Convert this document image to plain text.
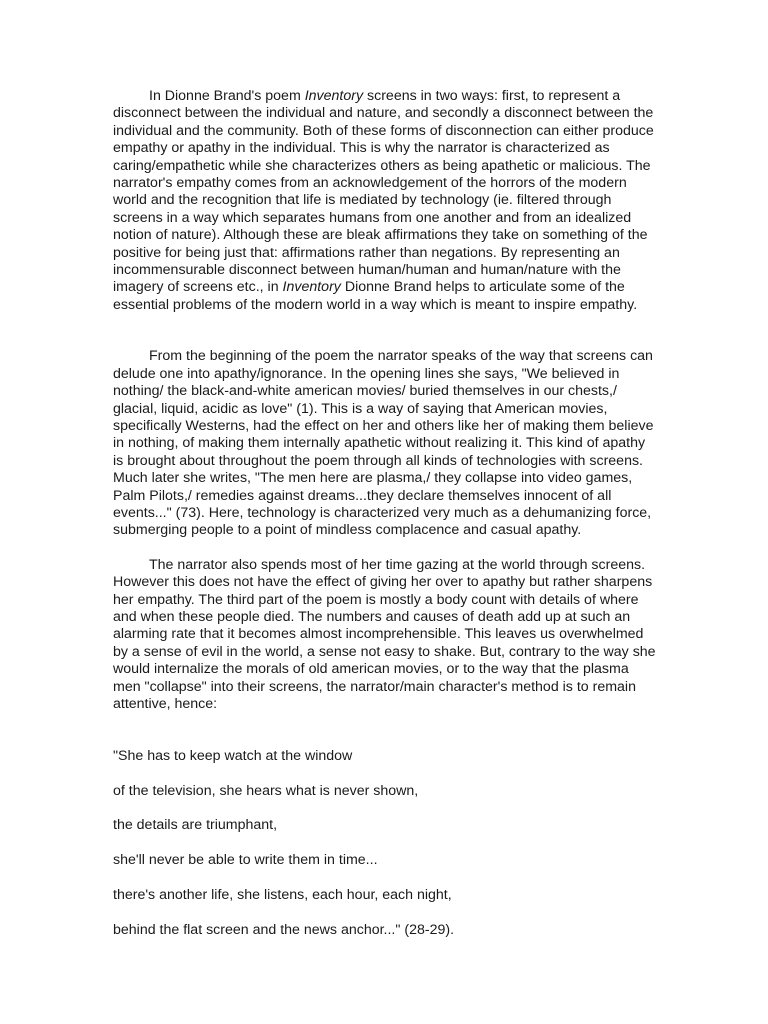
In Dionne Brand's poem Inventory screens in two ways: first, to represent a disconnect between the individual and nature, and secondly a disconnect between the individual and the community. Both of these forms of disconnection can either produce empathy or apathy in the individual. This is why the narrator is characterized as caring/empathetic while she characterizes others as being apathetic or malicious. The narrator's empathy comes from an acknowledgement of the horrors of the modern world and the recognition that life is mediated by technology (ie. filtered through screens in a way which separates humans from one another and from an idealized notion of nature). Although these are bleak affirmations they take on something of the positive for being just that: affirmations rather than negations. By representing an incommensurable disconnect between human/human and human/nature with the imagery of screens etc., in Inventory Dionne Brand helps to articulate some of the essential problems of the modern world in a way which is meant to inspire empathy.

From the beginning of the poem the narrator speaks of the way that screens can delude one into apathy/ignorance. In the opening lines she says, "We believed in nothing/ the black-and-white american movies/ buried themselves in our chests,/ glacial, liquid, acidic as love" (1). This is a way of saying that American movies, specifically Westerns, had the effect on her and others like her of making them believe in nothing, of making them internally apathetic without realizing it. This kind of apathy is brought about throughout the poem through all kinds of technologies with screens. Much later she writes, "The men here are plasma,/ they collapse into video games, Palm Pilots,/ remedies against dreams...they declare themselves innocent of all events..." (73). Here, technology is characterized very much as a dehumanizing force, submerging people to a point of mindless complacence and casual apathy.

The narrator also spends most of her time gazing at the world through screens. However this does not have the effect of giving her over to apathy but rather sharpens her empathy. The third part of the poem is mostly a body count with details of where and when these people died. The numbers and causes of death add up at such an alarming rate that it becomes almost incomprehensible. This leaves us overwhelmed by a sense of evil in the world, a sense not easy to shake. But, contrary to the way she would internalize the morals of old american movies, or to the way that the plasma men "collapse" into their screens, the narrator/main character's method is to remain attentive, hence:

"She has to keep watch at the window

of the television, she hears what is never shown,

the details are triumphant,

she'll never be able to write them in time...

there's another life, she listens, each hour, each night,

behind the flat screen and the news anchor..." (28-29).
